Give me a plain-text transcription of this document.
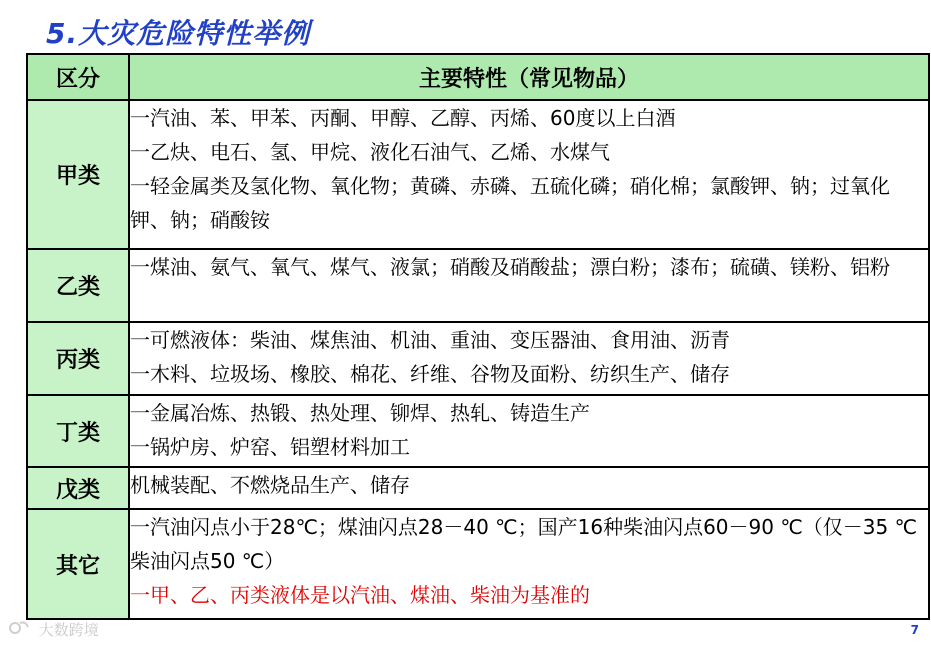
5.大灾危险特性举例
区分	主要特性（常见物品）
甲类	一汽油、苯、甲苯、丙酮、甲醇、乙醇、丙烯、60度以上白酒
一乙炔、电石、氢、甲烷、液化石油气、乙烯、水煤气
一轻金属类及氢化物、氧化物；黄磷、赤磷、五硫化磷；硝化棉；氯酸钾、钠；过氧化钾、钠；硝酸铵

乙类	一煤油、氨气、氧气、煤气、液氯；硝酸及硝酸盐；漂白粉；漆布；硫磺、镁粉、铝粉

丙类	一可燃液体：柴油、煤焦油、机油、重油、变压器油、食用油、沥青
一木料、垃圾场、橡胶、棉花、纤维、谷物及面粉、纺织生产、储存

丁类	一金属冶炼、热锻、热处理、铆焊、热轧、铸造生产
一锅炉房、炉窑、铝塑材料加工

戊类	机械装配、不燃烧品生产、储存

其它	一汽油闪点小于28℃；煤油闪点28－40 ℃；国产16种柴油闪点60－90 ℃（仅－35 ℃柴油闪点50 ℃）
一甲、乙、丙类液体是以汽油、煤油、柴油为基准的
大数跨境	7
